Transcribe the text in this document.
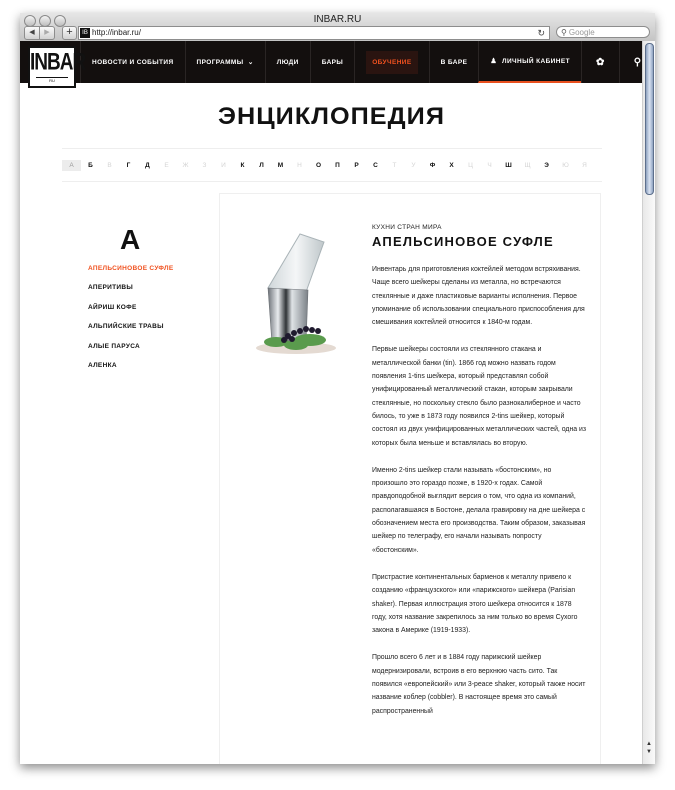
INBAR.RU
◀	▶	+	IB http://inbar.ru/	↻	⚲ Google
INBAR
RU
НОВОСТИ И СОБЫТИЯ	ПРОГРАММЫ
⌄	ЛЮДИ	БАРЫ	ОБУЧЕНИЕ	В БАРЕ	♟ ЛИЧНЫЙ КАБИНЕТ	✿	⚲
ЭНЦИКЛОПЕДИЯ
А	Б	В	Г	Д	Е	Ж	З	И	К	Л	М	Н	О	П	Р	С	Т	У	Ф	Х	Ц	Ч	Ш	Щ	Э	Ю	Я
А
АПЕЛЬСИНОВОЕ СУФЛЕ
АПЕРИТИВЫ
АЙРИШ КОФЕ
АЛЬПИЙСКИЕ ТРАВЫ
АЛЫЕ ПАРУСА
АЛЕНКА
КУХНИ СТРАН МИРА
АПЕЛЬСИНОВОЕ СУФЛЕ

Инвентарь для приготовления коктейлей методом встряхивания. Чаще всего шейкеры сделаны из металла, но встречаются стеклянные и даже пластиковые варианты исполнения. Первое упоминание об использовании специального приспособления для смешивания коктейлей относится к 1840-м годам.

Первые шейкеры состояли из стеклянного стакана и металлической банки (tin). 1866 год можно назвать годом появления 1-tins шейкера, который представлял собой унифицированный металлический стакан, которым закрывали стеклянные, но поскольку стекло было разнокалиберное и часто билось, то уже в 1873 году появился 2-tins шейкер, который состоял из двух унифицированных металлических частей, одна из которых была меньше и вставлялась во вторую.

Именно 2-tins шейкер стали называть «бостонским», но произошло это гораздо позже, в 1920-х годах. Самой правдоподобной выглядит версия о том, что одна из компаний, располагавшаяся в Бостоне, делала гравировку на дне шейкера с обозначением места его производства. Таким образом, заказывая шейкер по телеграфу, его начали называть попросту «бостонским».

Пристрастие континентальных барменов к металлу привело к созданию «французского» или «парижского» шейкера (Parisian shaker). Первая иллюстрация этого шейкера относится к 1878 году, хотя название закрепилось за ним только во время Сухого закона в Америке (1919-1933).

Прошло всего 6 лет и в 1884 году парижский шейкер модернизировали, встроив в его верхнюю часть сито. Так появился «европейский» или 3-peace shaker, который также носит название коблер (cobbler). В настоящее время это самый распространенный

▲
▼
